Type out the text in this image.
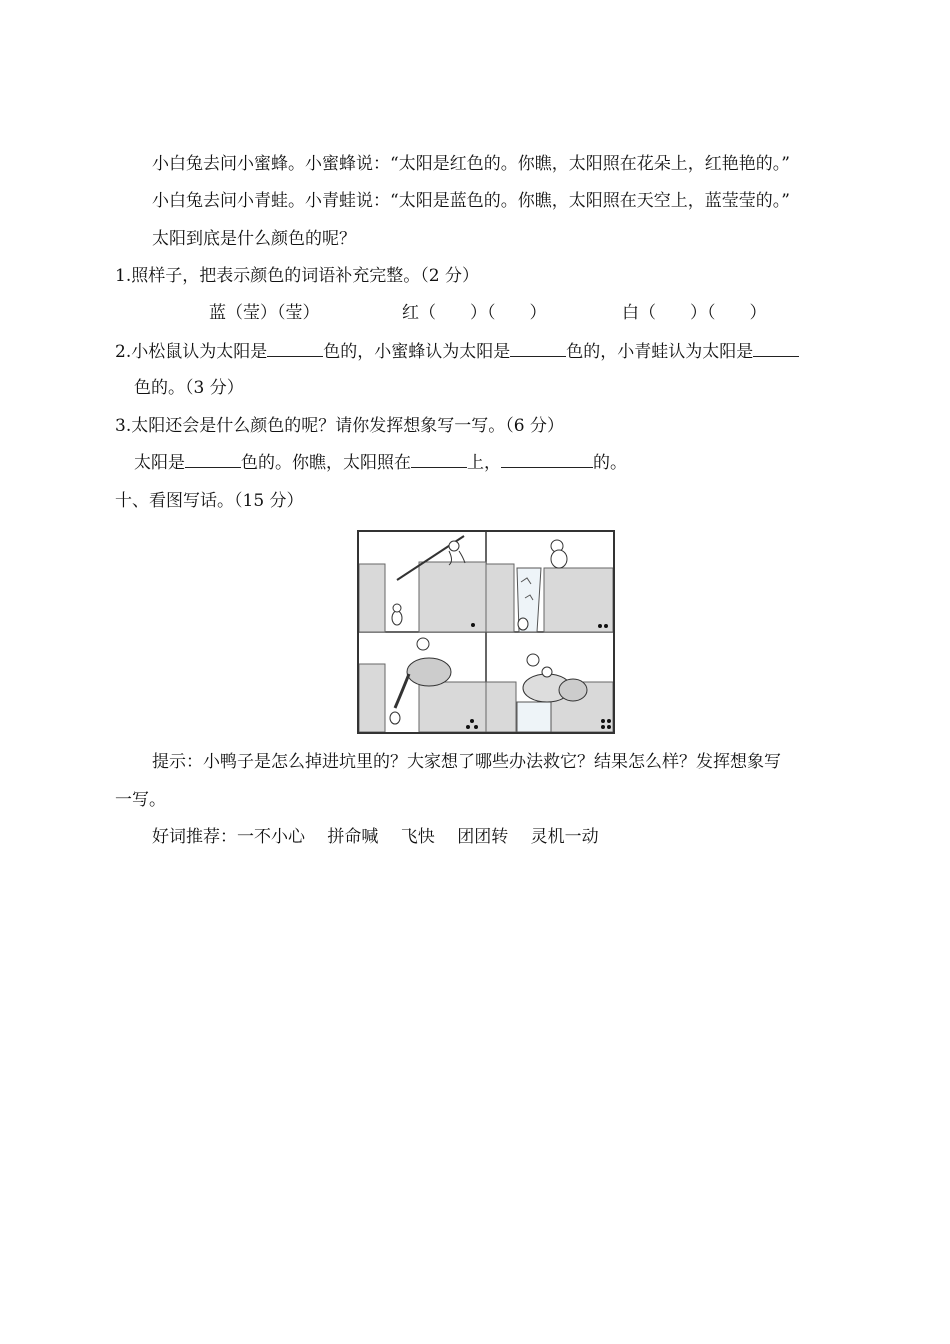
小白兔去问小蜜蜂。小蜜蜂说：“太阳是红色的。你瞧，太阳照在花朵上，红艳艳的。”
小白兔去问小青蛙。小青蛙说：“太阳是蓝色的。你瞧，太阳照在天空上，蓝莹莹的。”
太阳到底是什么颜色的呢？
1.照样子，把表示颜色的词语补充完整。（2 分）
蓝（莹）（莹）	红（　　）（　　）	白（　　）（　　）
2.小松鼠认为太阳是	色的，小蜜蜂认为太阳是	色的，小青蛙认为太阳是
色的。（3 分）
3.太阳还会是什么颜色的呢？请你发挥想象写一写。（6 分）
太阳是	色的。你瞧，太阳照在	上，	的。
十、看图写话。（15 分）
提示：小鸭子是怎么掉进坑里的？大家想了哪些办法救它？结果怎么样？发挥想象写
一写。
好词推荐：一不小心　 拼命喊　 飞快　 团团转　 灵机一动
